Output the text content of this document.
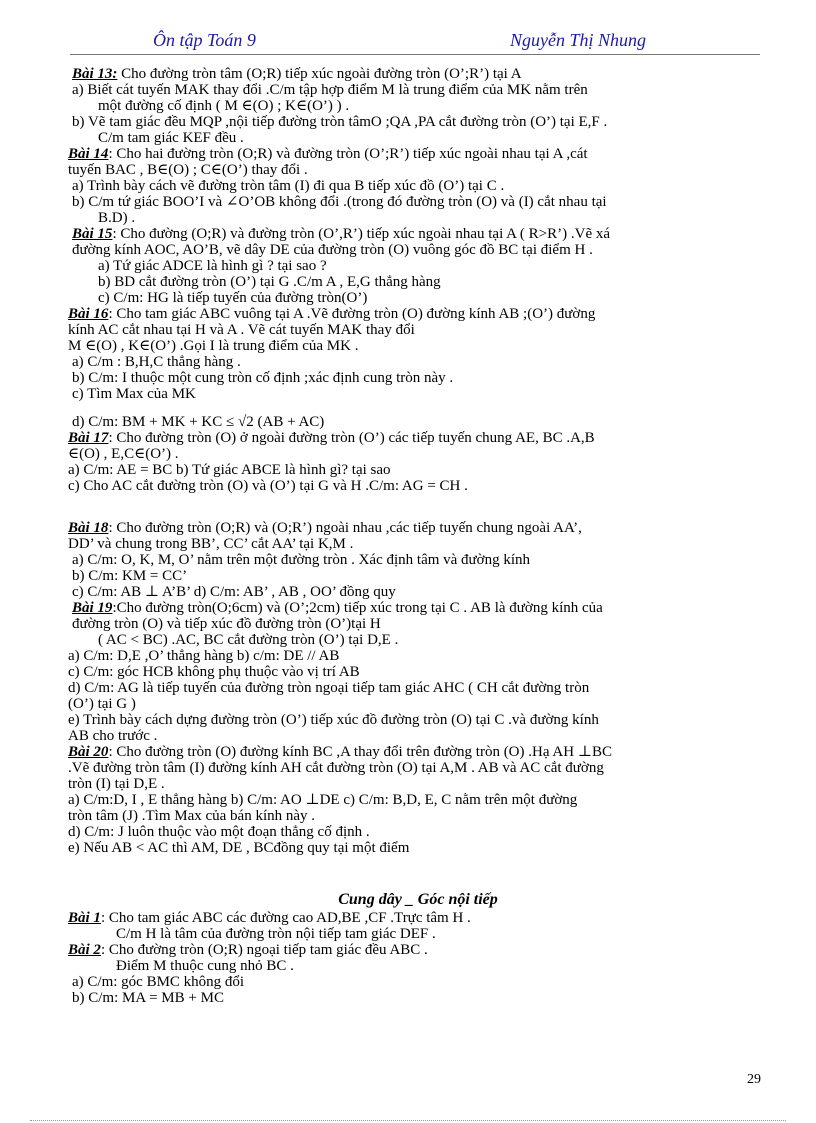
Ôn tập Toán 9	Nguyễn Thị Nhung
Bài 13: Cho đường tròn tâm (O;R) tiếp xúc ngoài đường tròn (O’;R’) tại A
a) Biết cát tuyến MAK thay đổi .C/m tập hợp điểm M là trung điểm của MK nằm trên
một đường cố định ( M ∈(O) ; K∈(O’) ) .
b) Vẽ tam giác đều MQP ,nội tiếp đường tròn tâmO ;QA ,PA cắt đường tròn (O’) tại E,F .
C/m tam giác KEF đều .
Bài 14: Cho hai đường tròn (O;R) và đường tròn (O’;R’) tiếp xúc ngoài nhau tại A ,cát
tuyến BAC , B∈(O) ; C∈(O’) thay đổi .
a) Trình bày cách vẽ đường tròn tâm (I) đi qua B tiếp xúc đồ (O’) tại C .
b) C/m tứ giác BOO’I và ∠O’OB không đổi .(trong đó đường tròn (O) và (I) cắt nhau tại
B.D) .
Bài 15: Cho đường (O;R) và đường tròn (O’,R’) tiếp xúc ngoài nhau tại A ( R>R’) .Vẽ xá
đường kính AOC, AO’B, vẽ dây DE của đường tròn (O) vuông góc đồ BC tại điểm H .
a) Tứ giác ADCE là hình gì ? tại sao ?
b) BD cắt đường tròn (O’) tại G .C/m A , E,G thẳng hàng
c) C/m: HG là tiếp tuyến của đường tròn(O’)
Bài 16: Cho tam giác ABC vuông tại A .Vẽ đường tròn (O) đường kính AB ;(O’) đường
kính AC cắt nhau tại H và A . Vẽ cát tuyến MAK thay đổi
M ∈(O) , K∈(O’) .Gọi I là trung điểm của MK .
a) C/m : B,H,C thẳng hàng .
b) C/m: I thuộc một cung tròn cố định ;xác định cung tròn này .
c) Tìm Max của MK
d) C/m: BM + MK + KC ≤ √2 (AB + AC)
Bài 17: Cho đường tròn (O) ở ngoài đường tròn (O’) các tiếp tuyến chung AE, BC .A,B
∈(O) , E,C∈(O’) .
a) C/m: AE = BC b) Tứ giác ABCE là hình gì? tại sao
c) Cho AC cắt đường tròn (O) và (O’) tại G và H .C/m: AG = CH .
Bài 18: Cho đường tròn (O;R) và (O;R’) ngoài nhau ,các tiếp tuyến chung ngoài AA’,
DD’ và chung trong BB’, CC’ cắt AA’ tại K,M .
a) C/m: O, K, M, O’ nằm trên một đường tròn . Xác định tâm và đường kính
b) C/m: KM = CC’
c) C/m: AB ⊥ A’B’ d) C/m: AB’ , AB , OO’ đồng quy
Bài 19:Cho đường tròn(O;6cm) và (O’;2cm) tiếp xúc trong tại C . AB là đường kính của
đường tròn (O) và tiếp xúc đồ đường tròn (O’)tại H
( AC < BC) .AC, BC cắt đường tròn (O’) tại D,E .
a) C/m: D,E ,O’ thẳng hàng b) c/m: DE // AB
c) C/m: góc HCB không phụ thuộc vào vị trí AB
d) C/m: AG là tiếp tuyến của đường tròn ngoại tiếp tam giác AHC ( CH cắt đường tròn
(O’) tại G )
e) Trình bày cách dựng đường tròn (O’) tiếp xúc đồ đường tròn (O) tại C .và đường kính
AB cho trước .
Bài 20: Cho đường tròn (O) đường kính BC ,A thay đổi trên đường tròn (O) .Hạ AH ⊥BC
.Vẽ đường tròn tâm (I) đường kính AH cắt đường tròn (O) tại A,M . AB và AC cắt đường
tròn (I) tại D,E .
a) C/m:D, I , E thẳng hàng b) C/m: AO ⊥DE c) C/m: B,D, E, C nằm trên một đường
tròn tâm (J) .Tìm Max của bán kính này .
d) C/m: J luôn thuộc vào một đoạn thẳng cố định .
e) Nếu AB < AC thì AM, DE , BCđồng quy tại một điểm
Cung dây _ Góc nội tiếp
Bài 1: Cho tam giác ABC các đường cao AD,BE ,CF .Trực tâm H .
C/m H là tâm của đường tròn nội tiếp tam giác DEF .
Bài 2: Cho đường tròn (O;R) ngoại tiếp tam giác đều ABC .
Điểm M thuộc cung nhỏ BC .
a) C/m: góc BMC không đổi
b) C/m: MA = MB + MC
29
